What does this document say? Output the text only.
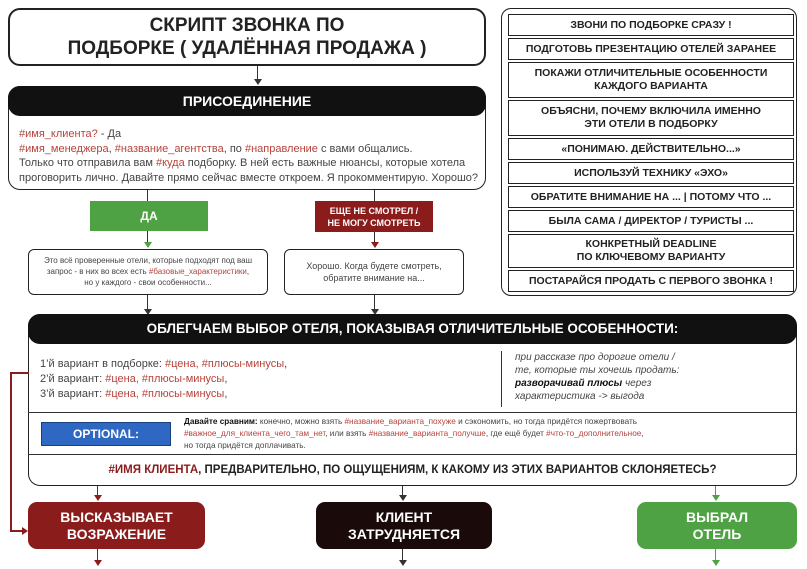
СКРИПТ ЗВОНКА ПО
ПОДБОРКЕ ( УДАЛЁННАЯ ПРОДАЖА )
ПРИСОЕДИНЕНИЕ
#имя_клиента? - Да
#имя_менеджера, #название_агентства, по #направление с вами общались.
Только что отправила вам #куда подборку. В ней есть важные нюансы, которые хотела
проговорить лично. Давайте прямо сейчас вместе откроем. Я прокомментирую. Хорошо?
ДА	ЕЩЕ НЕ СМОТРЕЛ /
НЕ МОГУ СМОТРЕТЬ
Это всё проверенные отели, которые подходят под ваш
запрос - в них во всех есть #базовые_характеристики,
но у каждого - свои особенности...
Хорошо. Когда будете смотреть,
обратите внимание на...
ЗВОНИ ПО ПОДБОРКЕ СРАЗУ !
ПОДГОТОВЬ ПРЕЗЕНТАЦИЮ ОТЕЛЕЙ ЗАРАНЕЕ
ПОКАЖИ ОТЛИЧИТЕЛЬНЫЕ ОСОБЕННОСТИ
КАЖДОГО ВАРИАНТА
ОБЪЯСНИ, ПОЧЕМУ ВКЛЮЧИЛА ИМЕННО
ЭТИ ОТЕЛИ В ПОДБОРКУ
«ПОНИМАЮ. ДЕЙСТВИТЕЛЬНО...»
ИСПОЛЬЗУЙ ТЕХНИКУ «ЭХО»
ОБРАТИТЕ ВНИМАНИЕ НА ... | ПОТОМУ ЧТО ...
БЫЛА САМА / ДИРЕКТОР / ТУРИСТЫ ...
КОНКРЕТНЫЙ DEADLINE
ПО КЛЮЧЕВОМУ ВАРИАНТУ
ПОСТАРАЙСЯ ПРОДАТЬ С ПЕРВОГО ЗВОНКА !
ОБЛЕГЧАЕМ ВЫБОР ОТЕЛЯ, ПОКАЗЫВАЯ ОТЛИЧИТЕЛЬНЫЕ ОСОБЕННОСТИ:
1’й вариант в подборке: #цена, #плюсы-минусы,
2’й вариант: #цена, #плюсы-минусы,
3’й вариант: #цена, #плюсы-минусы,
при рассказе про дорогие отели /
те, которые ты хочешь продать:
разворачивай плюсы через
характеристика -> выгода
OPTIONAL:
Давайте сравним: конечно, можно взять #название_варианта_похуже и сэкономить, но тогда придётся пожертвовать
#важное_для_клиента_чего_там_нет, или взять #название_варианта_получше, где ещё будет #что-то_дополнительное,
но тогда придётся доплачивать.
#ИМЯ КЛИЕНТА, ПРЕДВАРИТЕЛЬНО, ПО ОЩУЩЕНИЯМ, К КАКОМУ ИЗ ЭТИХ ВАРИАНТОВ СКЛОНЯЕТЕСЬ?
ВЫСКАЗЫВАЕТ
ВОЗРАЖЕНИЕ
КЛИЕНТ
ЗАТРУДНЯЕТСЯ
ВЫБРАЛ
ОТЕЛЬ
